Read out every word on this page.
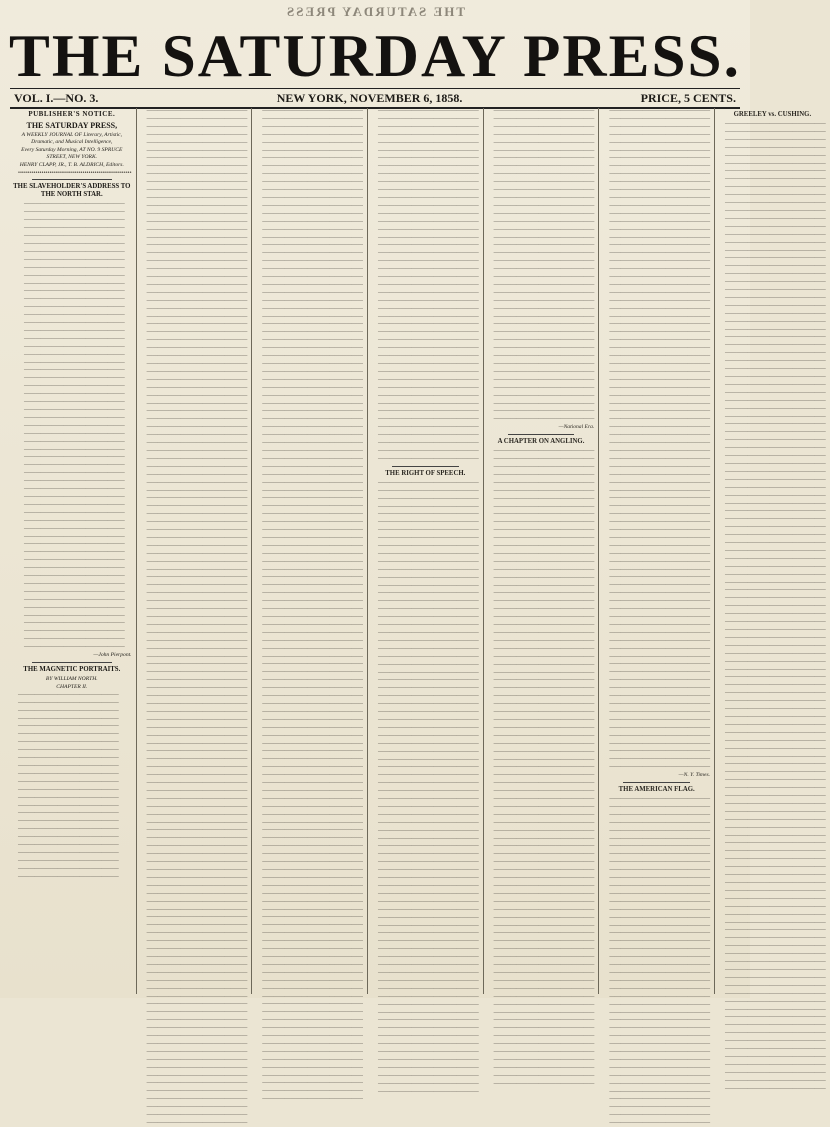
THE SATURDAY PRESS
THE SATURDAY PRESS.
VOL. I.—NO. 3.	NEW YORK, NOVEMBER 6, 1858.	PRICE, 5 CENTS.
PUBLISHER'S NOTICE.
THE SATURDAY PRESS,
A WEEKLY JOURNAL OF Literary, Artistic, Dramatic, and Musical Intelligence,
Every Saturday Morning, AT NO. 9 SPRUCE STREET, NEW YORK.
HENRY CLAPP, JR., T. B. ALDRICH, Editors.

••••••••••••••••••••••••••••••••••••••••••••••••••••••••••

THE SLAVEHOLDER'S ADDRESS TO THE NORTH STAR.

——————————————————

——————————————————

——————————————————

——————————————————

——————————————————

——————————————————

——————————————————

——————————————————

——————————————————

——————————————————

——————————————————

——————————————————

——————————————————

——————————————————

——————————————————

——————————————————

——————————————————

——————————————————

——————————————————

——————————————————

——————————————————

——————————————————

——————————————————

——————————————————

——————————————————

——————————————————

——————————————————

——————————————————

——————————————————

——————————————————

——————————————————

——————————————————

——————————————————

——————————————————

——————————————————

——————————————————

——————————————————

——————————————————

——————————————————

——————————————————

——————————————————

——————————————————

——————————————————

——————————————————

——————————————————

——————————————————

——————————————————

——————————————————

——————————————————

——————————————————

——————————————————

——————————————————

——————————————————

——————————————————

——————————————————

——————————————————

——————————————————

—John Pierpont.
THE MAGNETIC PORTRAITS.
BY WILLIAM NORTH.
CHAPTER II.

——————————————————

——————————————————

——————————————————

——————————————————

——————————————————

——————————————————

——————————————————

——————————————————

——————————————————

——————————————————

——————————————————

——————————————————

——————————————————

——————————————————

——————————————————

——————————————————

——————————————————

——————————————————

——————————————————

——————————————————

——————————————————

——————————————————

——————————————————

——————————————————

——————————————————

——————————————————

——————————————————

——————————————————

——————————————————

——————————————————

——————————————————

——————————————————

——————————————————

——————————————————

——————————————————

——————————————————

——————————————————

——————————————————

——————————————————

——————————————————

——————————————————

——————————————————

——————————————————

——————————————————

——————————————————

——————————————————

——————————————————

——————————————————

——————————————————

——————————————————

——————————————————

——————————————————

——————————————————

——————————————————

——————————————————

——————————————————

——————————————————

——————————————————

——————————————————

——————————————————

——————————————————

——————————————————

——————————————————

——————————————————

——————————————————

——————————————————

——————————————————

——————————————————

——————————————————

——————————————————

——————————————————

——————————————————

——————————————————

——————————————————

——————————————————

——————————————————

——————————————————

——————————————————

——————————————————

——————————————————

——————————————————

——————————————————

——————————————————

——————————————————

——————————————————

——————————————————

——————————————————

——————————————————

——————————————————

——————————————————

——————————————————

——————————————————

——————————————————

——————————————————

——————————————————

——————————————————

——————————————————

——————————————————

——————————————————

——————————————————

——————————————————

——————————————————

——————————————————

——————————————————

——————————————————

——————————————————

——————————————————

——————————————————

——————————————————

——————————————————

——————————————————

——————————————————

——————————————————

——————————————————

——————————————————

——————————————————

——————————————————

——————————————————

——————————————————

——————————————————

——————————————————

——————————————————

——————————————————

——————————————————

——————————————————

——————————————————

——————————————————

——————————————————

——————————————————

——————————————————

——————————————————

——————————————————

——————————————————

——————————————————

——————————————————

——————————————————

——————————————————

——————————————————

——————————————————

——————————————————

——————————————————

——————————————————

——————————————————

——————————————————

——————————————————

——————————————————

——————————————————

——————————————————

——————————————————

——————————————————

——————————————————

——————————————————

——————————————————

——————————————————

——————————————————

——————————————————

——————————————————

——————————————————

——————————————————

——————————————————

——————————————————

——————————————————

——————————————————

——————————————————

——————————————————

——————————————————

——————————————————

——————————————————

——————————————————

——————————————————

——————————————————

——————————————————

——————————————————

——————————————————

——————————————————

——————————————————

——————————————————

——————————————————

——————————————————

——————————————————

——————————————————

——————————————————

——————————————————

——————————————————

——————————————————

——————————————————

——————————————————

——————————————————

——————————————————

——————————————————

——————————————————

——————————————————

——————————————————

——————————————————

——————————————————

——————————————————

——————————————————

——————————————————

——————————————————

——————————————————

——————————————————

——————————————————

——————————————————

——————————————————

——————————————————

——————————————————

——————————————————

——————————————————

——————————————————

——————————————————

——————————————————

——————————————————

——————————————————

——————————————————

——————————————————

——————————————————

——————————————————

——————————————————

——————————————————

——————————————————

——————————————————

——————————————————

——————————————————

——————————————————

——————————————————

——————————————————

——————————————————

——————————————————

——————————————————

——————————————————

——————————————————

——————————————————

——————————————————

——————————————————

——————————————————

——————————————————

——————————————————

——————————————————

——————————————————

——————————————————

——————————————————

——————————————————

——————————————————

——————————————————

——————————————————

——————————————————

——————————————————

——————————————————

——————————————————

——————————————————

——————————————————

——————————————————

——————————————————

——————————————————

——————————————————

——————————————————

——————————————————

——————————————————

——————————————————

——————————————————

——————————————————

——————————————————

——————————————————

——————————————————

——————————————————

——————————————————

——————————————————

——————————————————

——————————————————

——————————————————

——————————————————

——————————————————

——————————————————

——————————————————

——————————————————

——————————————————

——————————————————

——————————————————

——————————————————

——————————————————

——————————————————

——————————————————

——————————————————

——————————————————

——————————————————

——————————————————

——————————————————

——————————————————

——————————————————

——————————————————

——————————————————

——————————————————

——————————————————

——————————————————

——————————————————

——————————————————

——————————————————

——————————————————

——————————————————

——————————————————

——————————————————

——————————————————

——————————————————

——————————————————

——————————————————

——————————————————

——————————————————

——————————————————

——————————————————

——————————————————

——————————————————

——————————————————

——————————————————

——————————————————

——————————————————

——————————————————

——————————————————

——————————————————

——————————————————

——————————————————

——————————————————

——————————————————

——————————————————

——————————————————

THE RIGHT OF SPEECH.

——————————————————

——————————————————

——————————————————

——————————————————

——————————————————

——————————————————

——————————————————

——————————————————

——————————————————

——————————————————

——————————————————

——————————————————

——————————————————

——————————————————

——————————————————

——————————————————

——————————————————

——————————————————

——————————————————

——————————————————

——————————————————

——————————————————

——————————————————

——————————————————

——————————————————

——————————————————

——————————————————

——————————————————

——————————————————

——————————————————

——————————————————

——————————————————

——————————————————

——————————————————

——————————————————

——————————————————

——————————————————

——————————————————

——————————————————

——————————————————

——————————————————

——————————————————

——————————————————

——————————————————

——————————————————

——————————————————

——————————————————

——————————————————

——————————————————

——————————————————

——————————————————

——————————————————

——————————————————

——————————————————

——————————————————

——————————————————

——————————————————

——————————————————

——————————————————

——————————————————

——————————————————

——————————————————

——————————————————

——————————————————

——————————————————

——————————————————

——————————————————

——————————————————

——————————————————

——————————————————

——————————————————

——————————————————

——————————————————

——————————————————

——————————————————

——————————————————

——————————————————

——————————————————

——————————————————

——————————————————

——————————————————

——————————————————

——————————————————

——————————————————

——————————————————

——————————————————

——————————————————

——————————————————

——————————————————

——————————————————

——————————————————

——————————————————

——————————————————

——————————————————

——————————————————

——————————————————

——————————————————

——————————————————

——————————————————

——————————————————

——————————————————

——————————————————

——————————————————

——————————————————

——————————————————

——————————————————

——————————————————

——————————————————

——————————————————

——————————————————

——————————————————

——————————————————

——————————————————

——————————————————

——————————————————

——————————————————

——————————————————

——————————————————

—National Era.
A CHAPTER ON ANGLING.

——————————————————

——————————————————

——————————————————

——————————————————

——————————————————

——————————————————

——————————————————

——————————————————

——————————————————

——————————————————

——————————————————

——————————————————

——————————————————

——————————————————

——————————————————

——————————————————

——————————————————

——————————————————

——————————————————

——————————————————

——————————————————

——————————————————

——————————————————

——————————————————

——————————————————

——————————————————

——————————————————

——————————————————

——————————————————

——————————————————

——————————————————

——————————————————

——————————————————

——————————————————

——————————————————

——————————————————

——————————————————

——————————————————

——————————————————

——————————————————

——————————————————

——————————————————

——————————————————

——————————————————

——————————————————

——————————————————

——————————————————

——————————————————

——————————————————

——————————————————

——————————————————

——————————————————

——————————————————

——————————————————

——————————————————

——————————————————

——————————————————

——————————————————

——————————————————

——————————————————

——————————————————

——————————————————

——————————————————

——————————————————

——————————————————

——————————————————

——————————————————

——————————————————

——————————————————

——————————————————

——————————————————

——————————————————

——————————————————

——————————————————

——————————————————

——————————————————

——————————————————

——————————————————

——————————————————

——————————————————

——————————————————

——————————————————

——————————————————

——————————————————

——————————————————

——————————————————

——————————————————

——————————————————

——————————————————

——————————————————

——————————————————

——————————————————

——————————————————

——————————————————

——————————————————

——————————————————

——————————————————

——————————————————

——————————————————

——————————————————

——————————————————

——————————————————

——————————————————

——————————————————

——————————————————

——————————————————

——————————————————

——————————————————

——————————————————

——————————————————

——————————————————

——————————————————

——————————————————

——————————————————

——————————————————

——————————————————

——————————————————

——————————————————

——————————————————

——————————————————

——————————————————

——————————————————

——————————————————

——————————————————

——————————————————

——————————————————

——————————————————

——————————————————

——————————————————

——————————————————

——————————————————

——————————————————

——————————————————

——————————————————

——————————————————

——————————————————

——————————————————

——————————————————

——————————————————

——————————————————

——————————————————

——————————————————

——————————————————

——————————————————

——————————————————

——————————————————

——————————————————

——————————————————

——————————————————

——————————————————

——————————————————

——————————————————

——————————————————

——————————————————

——————————————————

——————————————————

——————————————————

——————————————————

——————————————————

——————————————————

——————————————————

——————————————————

——————————————————

——————————————————

——————————————————

—N. Y. Times.
THE AMERICAN FLAG.

——————————————————

——————————————————

——————————————————

——————————————————

——————————————————

——————————————————

——————————————————

——————————————————

——————————————————

——————————————————

——————————————————

——————————————————

——————————————————

——————————————————

——————————————————

——————————————————

——————————————————

——————————————————

——————————————————

——————————————————

——————————————————

——————————————————

——————————————————

——————————————————

——————————————————

——————————————————

——————————————————

——————————————————

——————————————————

——————————————————

——————————————————

——————————————————

——————————————————

——————————————————

——————————————————

——————————————————

——————————————————

——————————————————

——————————————————

——————————————————

——————————————————

——————————————————

GREELEY vs. CUSHING.

——————————————————

——————————————————

——————————————————

——————————————————

——————————————————

——————————————————

——————————————————

——————————————————

——————————————————

——————————————————

——————————————————

——————————————————

——————————————————

——————————————————

——————————————————

——————————————————

——————————————————

——————————————————

——————————————————

——————————————————

——————————————————

——————————————————

——————————————————

——————————————————

——————————————————

——————————————————

——————————————————

——————————————————

——————————————————

——————————————————

——————————————————

——————————————————

——————————————————

——————————————————

——————————————————

——————————————————

——————————————————

——————————————————

——————————————————

——————————————————

——————————————————

——————————————————

——————————————————

——————————————————

——————————————————

——————————————————

——————————————————

——————————————————

——————————————————

——————————————————

——————————————————

——————————————————

——————————————————

——————————————————

——————————————————

——————————————————

——————————————————

——————————————————

——————————————————

——————————————————

——————————————————

——————————————————

——————————————————

——————————————————

——————————————————

——————————————————

——————————————————

——————————————————

——————————————————

——————————————————

——————————————————

——————————————————

——————————————————

——————————————————

——————————————————

——————————————————

——————————————————

——————————————————

——————————————————

——————————————————

——————————————————

——————————————————

——————————————————

——————————————————

——————————————————

——————————————————

——————————————————

——————————————————

——————————————————

——————————————————

——————————————————

——————————————————

——————————————————

——————————————————

——————————————————

——————————————————

——————————————————

——————————————————

——————————————————

——————————————————

——————————————————

——————————————————

——————————————————

——————————————————

——————————————————

——————————————————

——————————————————

——————————————————

——————————————————

——————————————————

——————————————————

——————————————————

——————————————————

——————————————————

——————————————————

——————————————————

——————————————————

——————————————————

——————————————————

——————————————————

——————————————————

——————————————————

——————————————————
